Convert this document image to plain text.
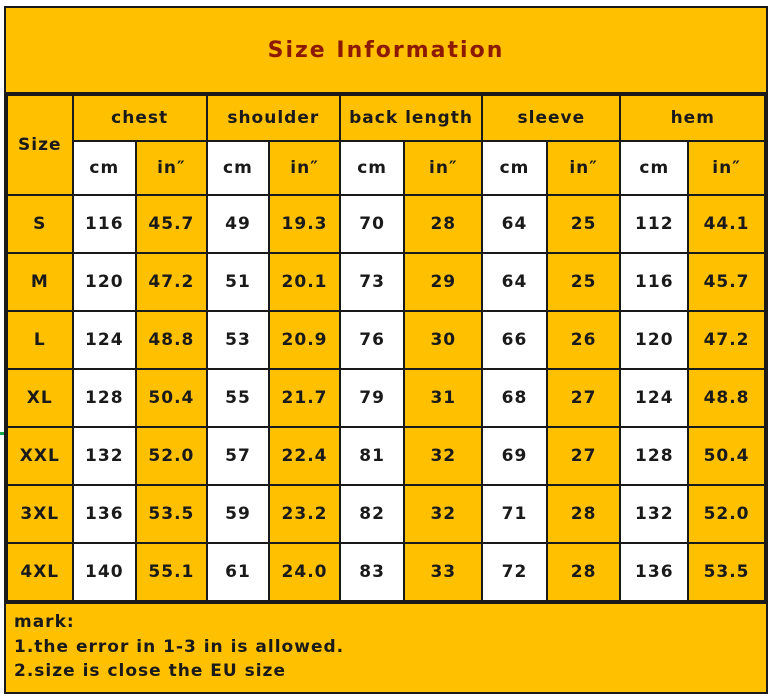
Size Information
Size	chest		shoulder		back length		sleeve		hem	
	cm	in″	cm	in″	cm	in″	cm	in″	cm	in″
S	116	45.7	49	19.3	70	28	64	25	112	44.1
M	120	47.2	51	20.1	73	29	64	25	116	45.7
L	124	48.8	53	20.9	76	30	66	26	120	47.2
XL	128	50.4	55	21.7	79	31	68	27	124	48.8
XXL	132	52.0	57	22.4	81	32	69	27	128	50.4
3XL	136	53.5	59	23.2	82	32	71	28	132	52.0
4XL	140	55.1	61	24.0	83	33	72	28	136	53.5
mark:
1.the error in 1-3 in is allowed.
2.size is close the EU size
